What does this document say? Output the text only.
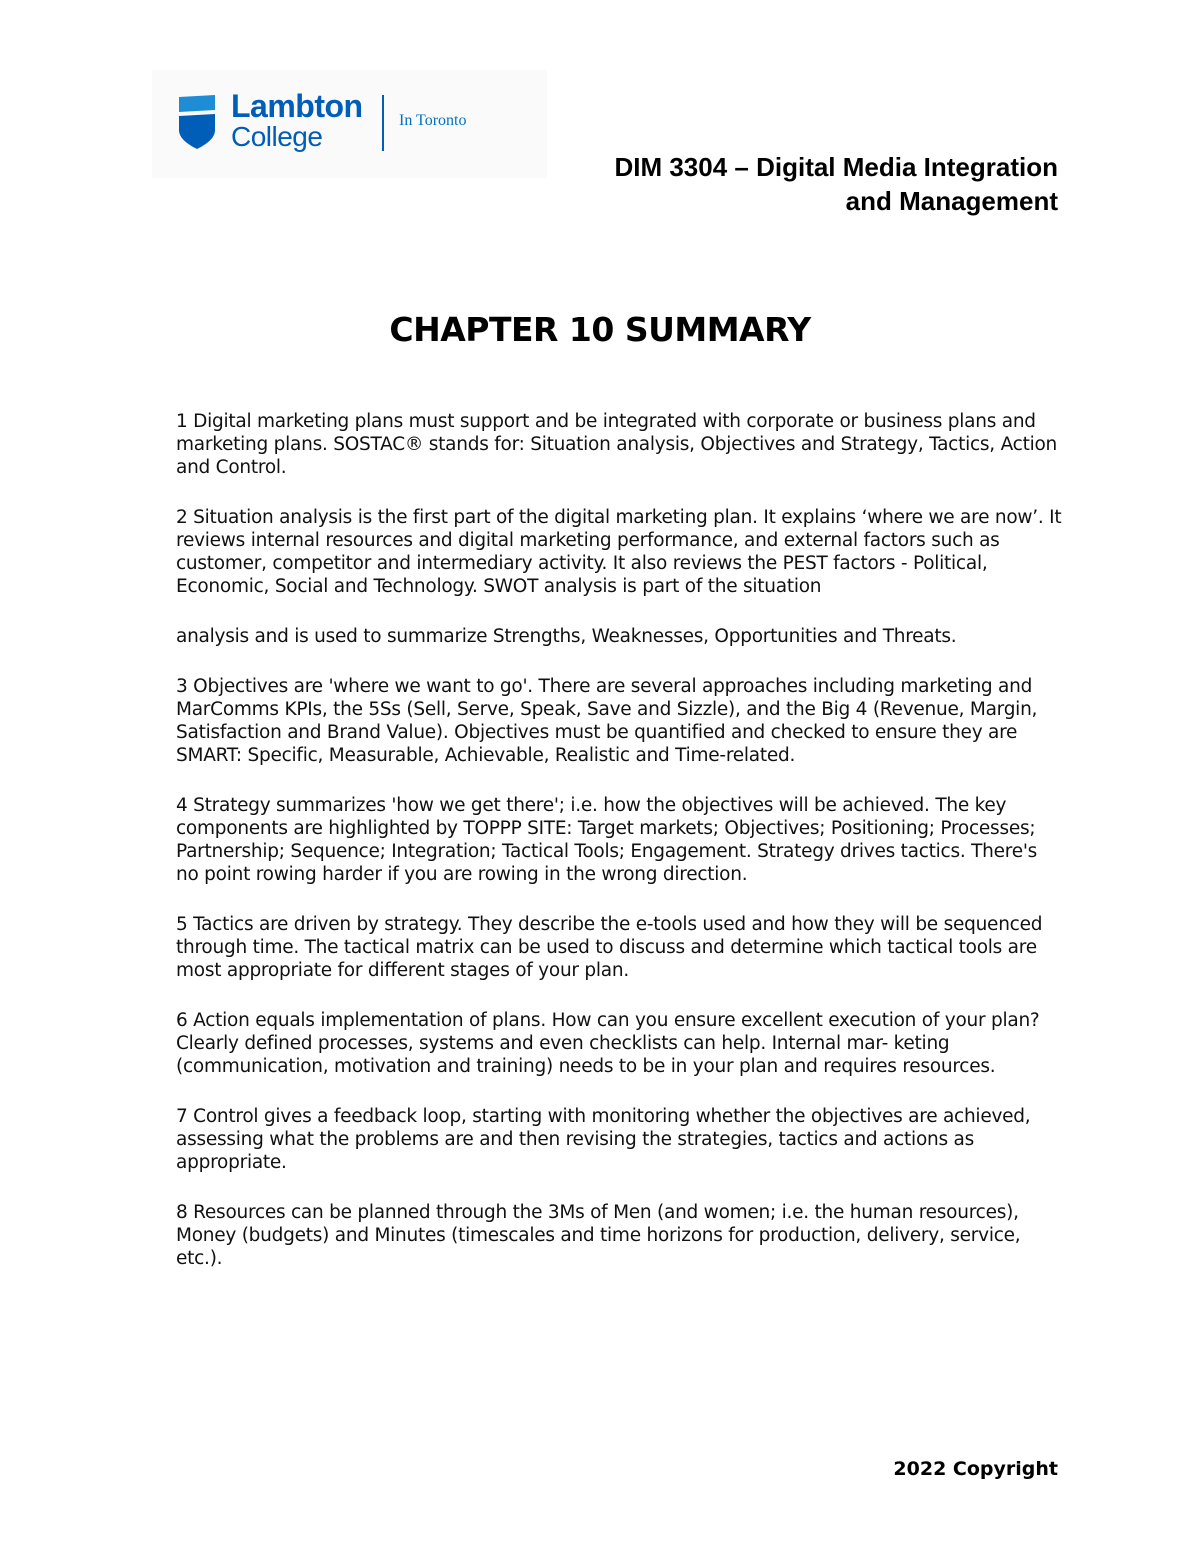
Lambton
College
In Toronto
DIM 3304 – Digital Media Integration
and Management
CHAPTER 10 SUMMARY

1 Digital marketing plans must support and be integrated with corporate or business plans and marketing plans. SOSTAC® stands for: Situation analysis, Objectives and Strategy, Tactics, Action and Control.

2 Situation analysis is the first part of the digital marketing plan. It explains ‘where we are now’. It reviews internal resources and digital marketing performance, and external factors such as customer, competitor and intermediary activity. It also reviews the PEST factors - Political, Economic, Social and Technology. SWOT analysis is part of the situation

analysis and is used to summarize Strengths, Weaknesses, Opportunities and Threats.

3 Objectives are 'where we want to go'. There are several approaches including marketing and MarComms KPIs, the 5Ss (Sell, Serve, Speak, Save and Sizzle), and the Big 4 (Revenue, Margin, Satisfaction and Brand Value). Objectives must be quantified and checked to ensure they are SMART: Specific, Measurable, Achievable, Realistic and Time-related.

4 Strategy summarizes 'how we get there'; i.e. how the objectives will be achieved. The key components are highlighted by TOPPP SITE: Target markets; Objectives; Positioning; Processes; Partnership; Sequence; Integration; Tactical Tools; Engagement. Strategy drives tactics. There's no point rowing harder if you are rowing in the wrong direction.

5 Tactics are driven by strategy. They describe the e-tools used and how they will be sequenced through time. The tactical matrix can be used to discuss and determine which tactical tools are most appropriate for different stages of your plan.

6 Action equals implementation of plans. How can you ensure excellent execution of your plan? Clearly defined processes, systems and even checklists can help. Internal mar- keting (communication, motivation and training) needs to be in your plan and requires resources.

7 Control gives a feedback loop, starting with monitoring whether the objectives are achieved, assessing what the problems are and then revising the strategies, tactics and actions as appropriate.

8 Resources can be planned through the 3Ms of Men (and women; i.e. the human resources), Money (budgets) and Minutes (timescales and time horizons for production, delivery, service, etc.).

2022 Copyright
